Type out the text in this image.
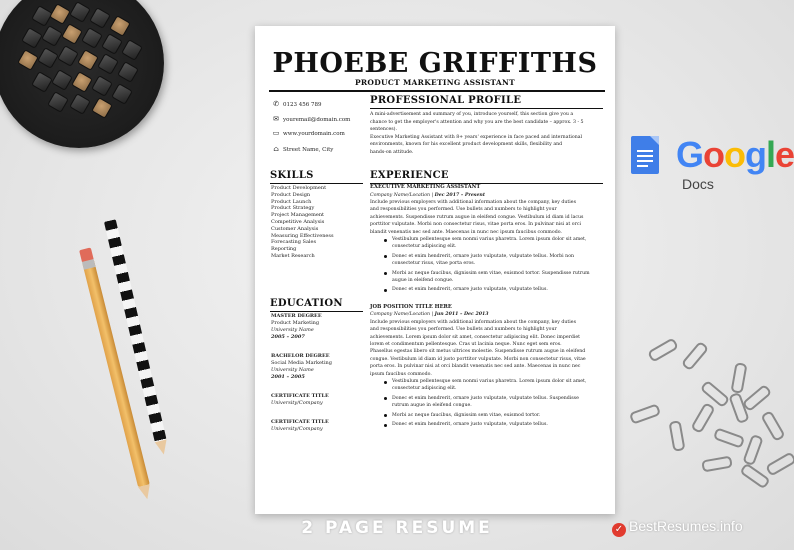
PHOEBE GRIFFITHS
PRODUCT MARKETING ASSISTANT
✆ 0123 456 789
✉ youremail@domain.com
▭ www.yourdomain.com
⌂ Street Name, City
SKILLS
EDUCATION
PROFESSIONAL PROFILE
EXPERIENCE
Product Development
Product Design
Product Launch
Product Strategy
Project Management
Competitive Analysis
Customer Analysis
Measuring Effectiveness
Forecasting Sales
Reporting
Market Research
MASTER DEGREE
Product Marketing
University Name
2005 – 2007
BACHELOR DEGREE
Social Media Marketing
University Name
2001 – 2005
CERTIFICATE TITLE
University/Company
CERTIFICATE TITLE
University/Company
A mini-advertisement and summary of you, introduce yourself, this section give you a
chance to get the employer's attention and why you are the best candidate – approx. 3 - 5
sentences).
Executive Marketing Assistant with 8+ years' experience in face paced and international
environments, known for his excellent product development skills, flexibility and
hands-on attitude.
EXECUTIVE MARKETING ASSISTANT
Company Name/Location | Dec 2017 – Present
Include previous employers with additional information about the company, key duties
and responsibilities you performed. Use bullets and numbers to highlight your
achievements. Suspendisse rutrum augue in eleifend congue. Vestibulum id diam id lacus
porttitor vulputate. Morbi non consectetur risus, vitae porta eros. In pulvinar nisi at orci
blandit venenatis nec sed ante. Maecenas in nunc nec ipsum faucibus commodo.
Vestibulum pellentesque sem nonmi varius pharetra. Lorem ipsum dolor sit amet,
consectetur adipiscing elit.
Donec et enim hendrerit, ornare justo vulputate, vulputate tellus. Morbi non
consectetur risus, vitae porta eros.
Morbi ac neque faucibus, dignissim sem vitae, euismod tortor. Suspendisse rutrum
augue in eleifend congue.
Donec et enim hendrerit, ornare justo vulputate, vulputate tellus.
JOB POSITION TITLE HERE
Company Name/Location | Jun 2011 – Dec 2013
Include previous employers with additional information about the company, key duties
and responsibilities you performed. Use bullets and numbers to highlight your
achievements. Lorem ipsum dolor sit amet, consectetur adipiscing elit. Donec imperdiet
lorem et condimentum pellentesque. Cras ut lacinia neque. Nunc eget sem eros.
Phasellus egestas libero sit metus ultrices molestie. Suspendisse rutrum augue in eleifend
congue. Vestibulum id diam id justo porttitor vulputate. Morbi non consectetur risus, vitae
porta eros. In pulvinar nisi at orci blandit venenatis nec sed ante. Maecenas in nunc nec
ipsum faucibus commodo.
Vestibulum pellentesque sem nonmi varius pharetra. Lorem ipsum dolor sit amet,
consectetur adipiscing elit.
Donec et enim hendrerit, ornare justo vulputate, vulputate tellus. Suspendisse
rutrum augue in eleifend congue.
Morbi ac neque faucibus, dignissim sem vitae, euismod tortor.
Donec et enim hendrerit, ornare justo vulputate, vulputate tellus.
Google
Docs
2 PAGE RESUME	✓ BestResumes.info
